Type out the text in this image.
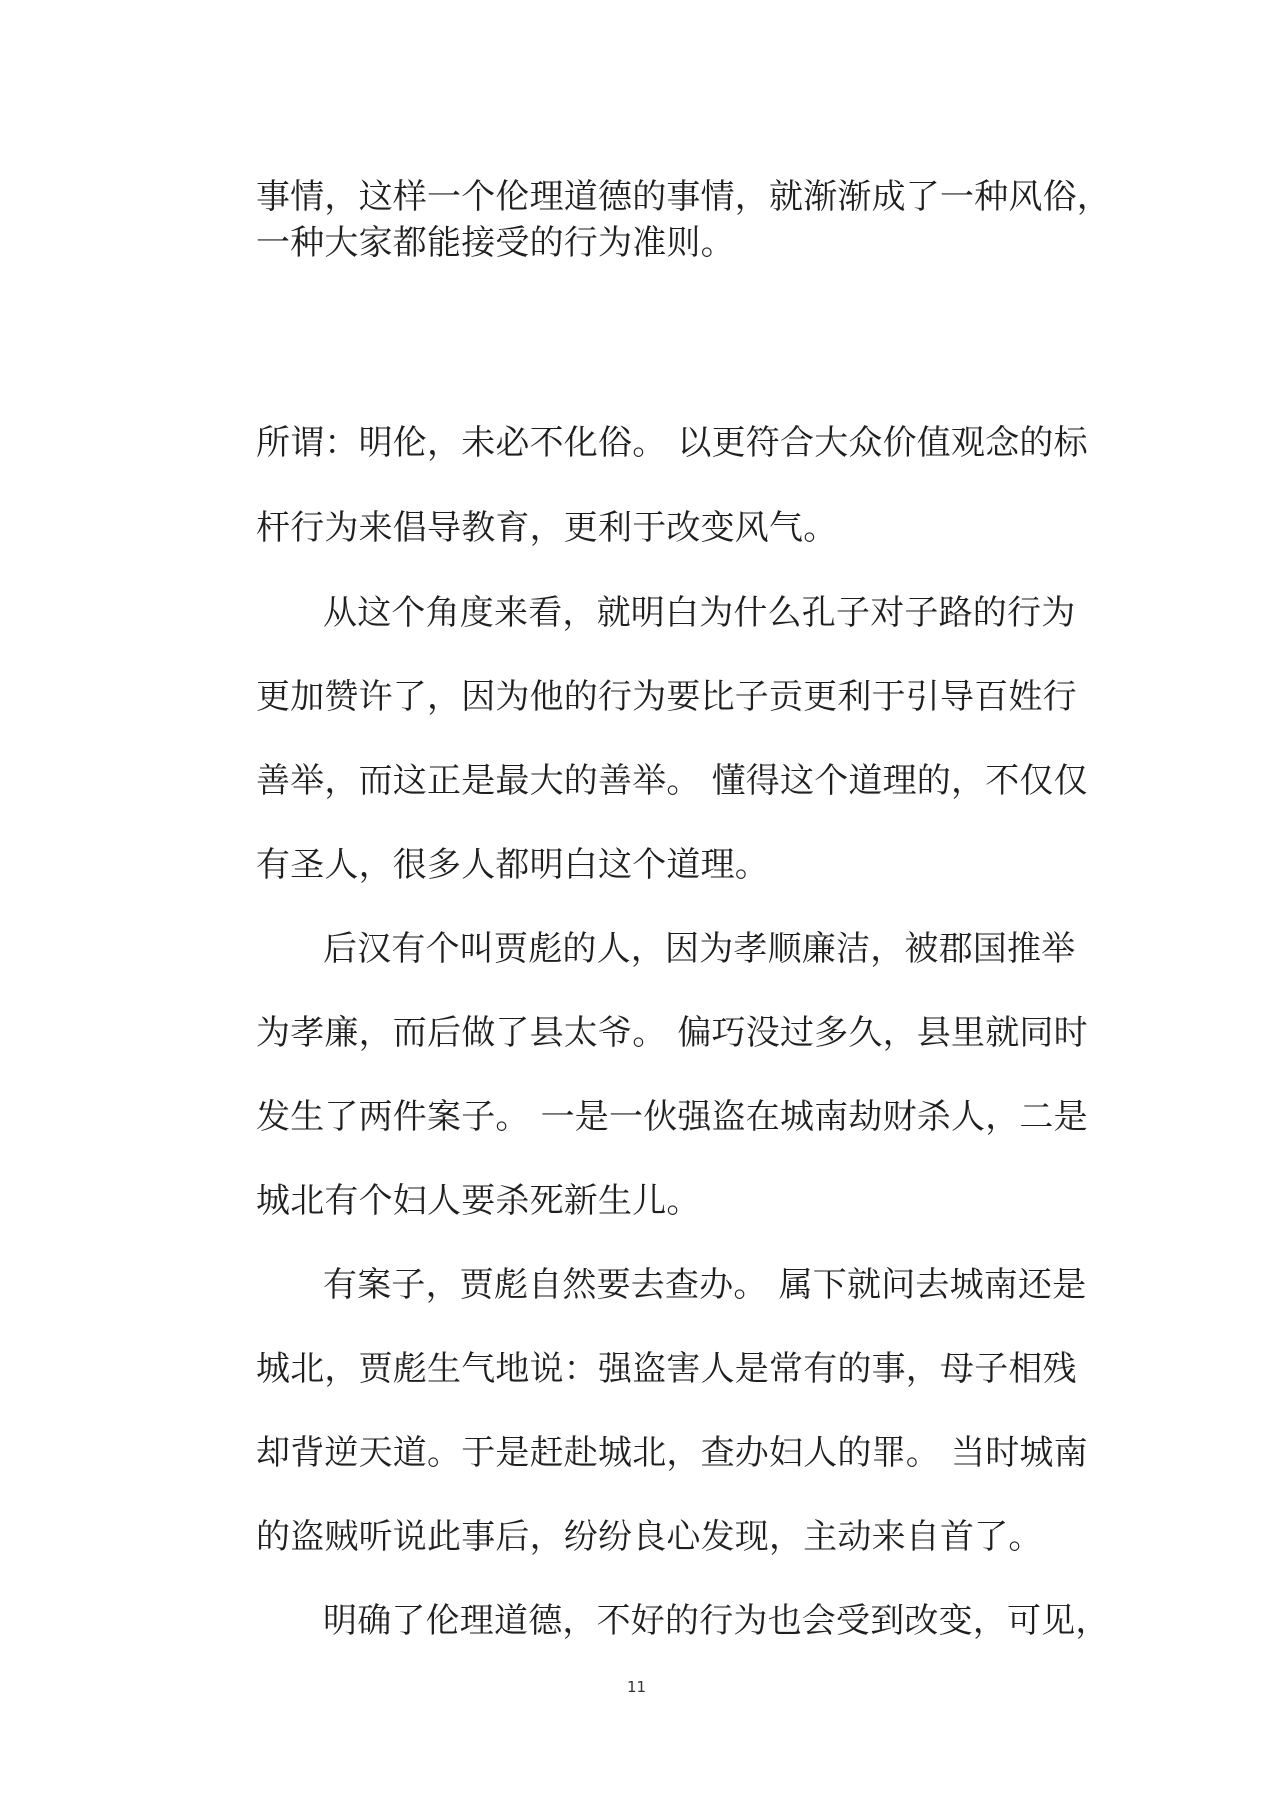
事情，这样一个伦理道德的事情，就渐渐成了一种风俗，
一种大家都能接受的行为准则。
所谓：明伦，未必不化俗。 以更符合大众价值观念的标
杆行为来倡导教育，更利于改变风气。
从这个角度来看，就明白为什么孔子对子路的行为
更加赞许了，因为他的行为要比子贡更利于引导百姓行
善举，而这正是最大的善举。 懂得这个道理的，不仅仅
有圣人，很多人都明白这个道理。
后汉有个叫贾彪的人，因为孝顺廉洁，被郡国推举
为孝廉，而后做了县太爷。 偏巧没过多久，县里就同时
发生了两件案子。 一是一伙强盗在城南劫财杀人，二是
城北有个妇人要杀死新生儿。
有案子，贾彪自然要去查办。 属下就问去城南还是
城北，贾彪生气地说：强盗害人是常有的事，母子相残
却背逆天道。于是赶赴城北，查办妇人的罪。 当时城南
的盗贼听说此事后，纷纷良心发现，主动来自首了。
明确了伦理道德，不好的行为也会受到改变，可见，
11
